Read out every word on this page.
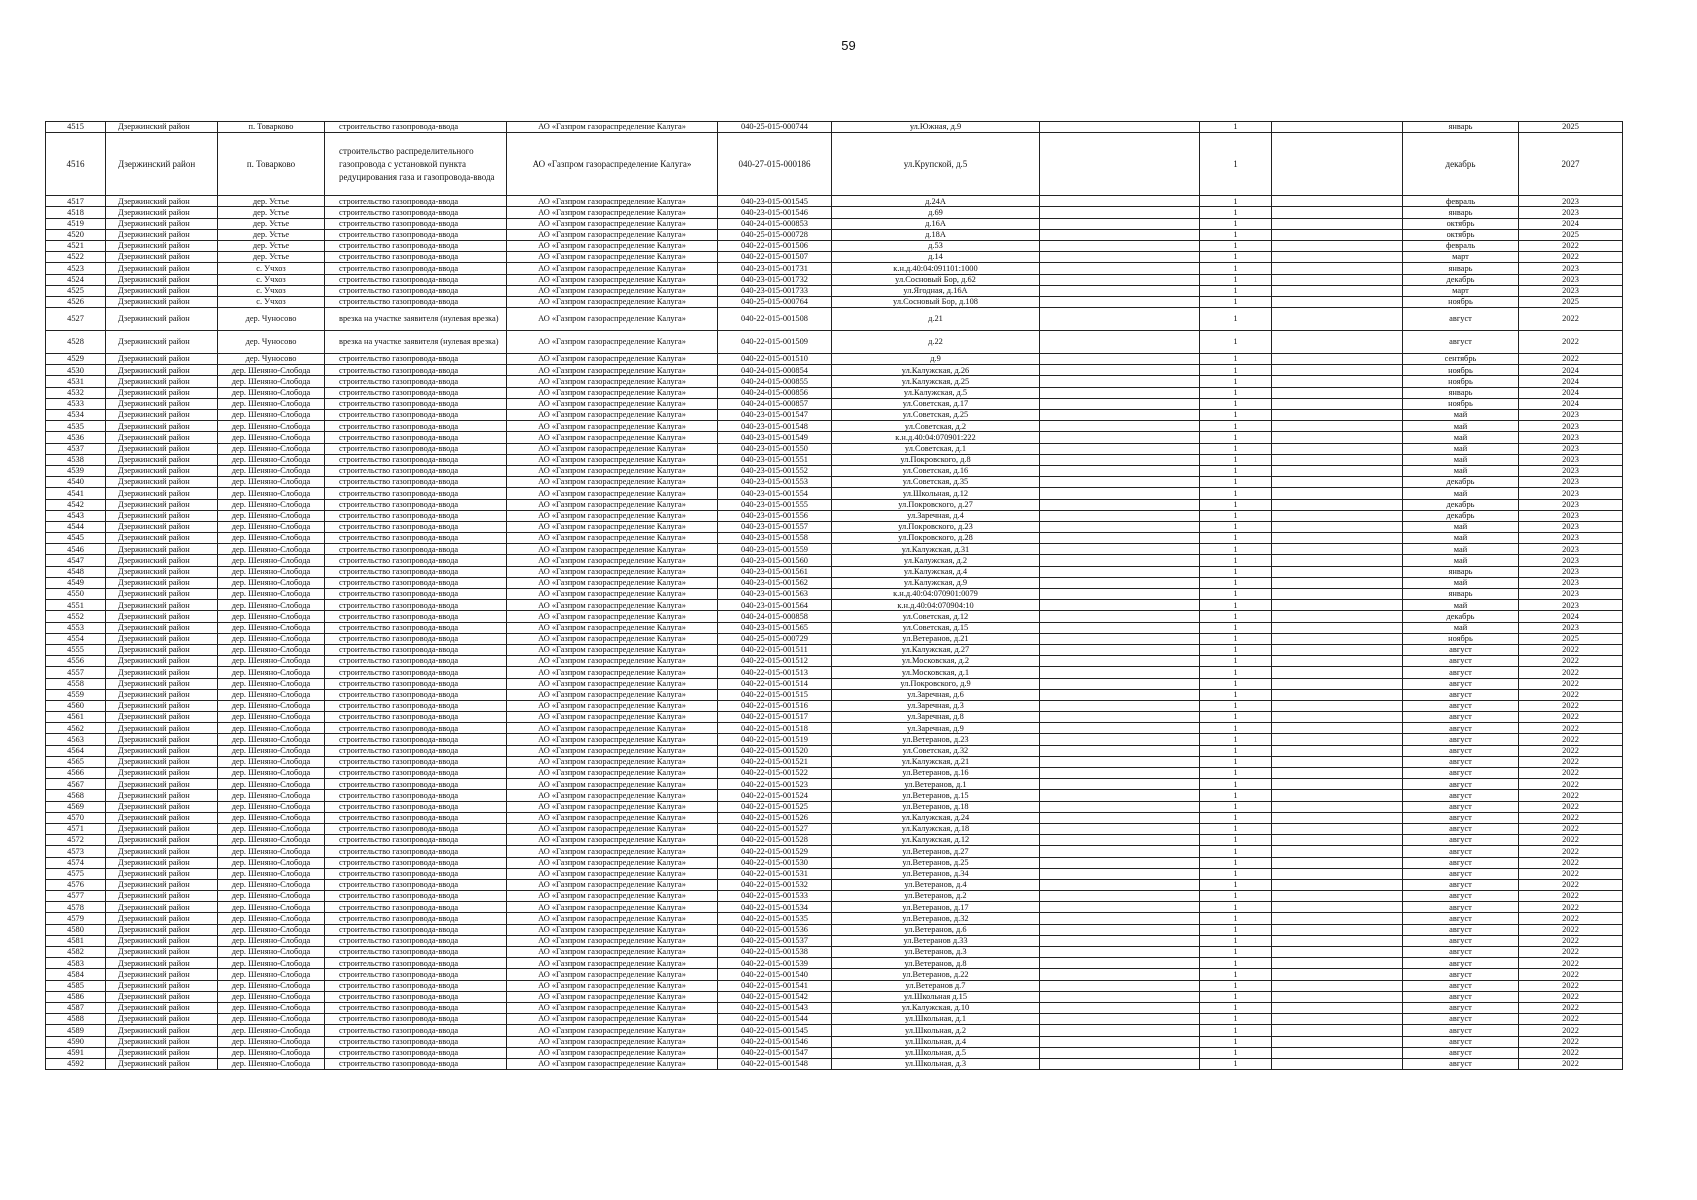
59
4515	Дзержинский район	п. Товарково	строительство газопровода-ввода	АО «Газпром газораспределение Калуга»	040-25-015-000744	ул.Южная, д.9		1		январь	2025
4516	Дзержинский район	п. Товарково	строительство распределительного газопровода с установкой пункта редуцирования газа и газопровода-ввода	АО «Газпром газораспределение Калуга»	040-27-015-000186	ул.Крупской, д.5		1		декабрь	2027
4517	Дзержинский район	дер. Устье	строительство газопровода-ввода	АО «Газпром газораспределение Калуга»	040-23-015-001545	д.24А		1		февраль	2023
4518	Дзержинский район	дер. Устье	строительство газопровода-ввода	АО «Газпром газораспределение Калуга»	040-23-015-001546	д.69		1		январь	2023
4519	Дзержинский район	дер. Устье	строительство газопровода-ввода	АО «Газпром газораспределение Калуга»	040-24-015-000853	д.16А		1		октябрь	2024
4520	Дзержинский район	дер. Устье	строительство газопровода-ввода	АО «Газпром газораспределение Калуга»	040-25-015-000728	д.18А		1		октябрь	2025
4521	Дзержинский район	дер. Устье	строительство газопровода-ввода	АО «Газпром газораспределение Калуга»	040-22-015-001506	д.53		1		февраль	2022
4522	Дзержинский район	дер. Устье	строительство газопровода-ввода	АО «Газпром газораспределение Калуга»	040-22-015-001507	д.14		1		март	2022
4523	Дзержинский район	с. Учхоз	строительство газопровода-ввода	АО «Газпром газораспределение Калуга»	040-23-015-001731	к.н.д.40:04:091101:1000		1		январь	2023
4524	Дзержинский район	с. Учхоз	строительство газопровода-ввода	АО «Газпром газораспределение Калуга»	040-23-015-001732	ул.Сосновый Бор, д.62		1		декабрь	2023
4525	Дзержинский район	с. Учхоз	строительство газопровода-ввода	АО «Газпром газораспределение Калуга»	040-23-015-001733	ул.Ягодная, д.16А		1		март	2023
4526	Дзержинский район	с. Учхоз	строительство газопровода-ввода	АО «Газпром газораспределение Калуга»	040-25-015-000764	ул.Сосновый Бор, д.108		1		ноябрь	2025
4527	Дзержинский район	дер. Чуносово	врезка на участке заявителя (нулевая врезка)	АО «Газпром газораспределение Калуга»	040-22-015-001508	д.21		1		август	2022
4528	Дзержинский район	дер. Чуносово	врезка на участке заявителя (нулевая врезка)	АО «Газпром газораспределение Калуга»	040-22-015-001509	д.22		1		август	2022
4529	Дзержинский район	дер. Чуносово	строительство газопровода-ввода	АО «Газпром газораспределение Калуга»	040-22-015-001510	д.9		1		сентябрь	2022
4530	Дзержинский район	дер. Шеняно-Слобода	строительство газопровода-ввода	АО «Газпром газораспределение Калуга»	040-24-015-000854	ул.Калужская, д.26		1		ноябрь	2024
4531	Дзержинский район	дер. Шеняно-Слобода	строительство газопровода-ввода	АО «Газпром газораспределение Калуга»	040-24-015-000855	ул.Калужская, д.25		1		ноябрь	2024
4532	Дзержинский район	дер. Шеняно-Слобода	строительство газопровода-ввода	АО «Газпром газораспределение Калуга»	040-24-015-000856	ул.Калужская, д.5		1		январь	2024
4533	Дзержинский район	дер. Шеняно-Слобода	строительство газопровода-ввода	АО «Газпром газораспределение Калуга»	040-24-015-000857	ул.Советская, д.17		1		ноябрь	2024
4534	Дзержинский район	дер. Шеняно-Слобода	строительство газопровода-ввода	АО «Газпром газораспределение Калуга»	040-23-015-001547	ул.Советская, д.25		1		май	2023
4535	Дзержинский район	дер. Шеняно-Слобода	строительство газопровода-ввода	АО «Газпром газораспределение Калуга»	040-23-015-001548	ул.Советская, д.2		1		май	2023
4536	Дзержинский район	дер. Шеняно-Слобода	строительство газопровода-ввода	АО «Газпром газораспределение Калуга»	040-23-015-001549	к.н.д.40:04:070901:222		1		май	2023
4537	Дзержинский район	дер. Шеняно-Слобода	строительство газопровода-ввода	АО «Газпром газораспределение Калуга»	040-23-015-001550	ул.Советская, д.1		1		май	2023
4538	Дзержинский район	дер. Шеняно-Слобода	строительство газопровода-ввода	АО «Газпром газораспределение Калуга»	040-23-015-001551	ул.Покровского, д.8		1		май	2023
4539	Дзержинский район	дер. Шеняно-Слобода	строительство газопровода-ввода	АО «Газпром газораспределение Калуга»	040-23-015-001552	ул.Советская, д.16		1		май	2023
4540	Дзержинский район	дер. Шеняно-Слобода	строительство газопровода-ввода	АО «Газпром газораспределение Калуга»	040-23-015-001553	ул.Советская, д.35		1		декабрь	2023
4541	Дзержинский район	дер. Шеняно-Слобода	строительство газопровода-ввода	АО «Газпром газораспределение Калуга»	040-23-015-001554	ул.Школьная, д.12		1		май	2023
4542	Дзержинский район	дер. Шеняно-Слобода	строительство газопровода-ввода	АО «Газпром газораспределение Калуга»	040-23-015-001555	ул.Покровского, д.27		1		декабрь	2023
4543	Дзержинский район	дер. Шеняно-Слобода	строительство газопровода-ввода	АО «Газпром газораспределение Калуга»	040-23-015-001556	ул.Заречная, д.4		1		декабрь	2023
4544	Дзержинский район	дер. Шеняно-Слобода	строительство газопровода-ввода	АО «Газпром газораспределение Калуга»	040-23-015-001557	ул.Покровского, д.23		1		май	2023
4545	Дзержинский район	дер. Шеняно-Слобода	строительство газопровода-ввода	АО «Газпром газораспределение Калуга»	040-23-015-001558	ул.Покровского, д.28		1		май	2023
4546	Дзержинский район	дер. Шеняно-Слобода	строительство газопровода-ввода	АО «Газпром газораспределение Калуга»	040-23-015-001559	ул.Калужская, д.31		1		май	2023
4547	Дзержинский район	дер. Шеняно-Слобода	строительство газопровода-ввода	АО «Газпром газораспределение Калуга»	040-23-015-001560	ул.Калужская, д.2		1		май	2023
4548	Дзержинский район	дер. Шеняно-Слобода	строительство газопровода-ввода	АО «Газпром газораспределение Калуга»	040-23-015-001561	ул.Калужская, д.4		1		январь	2023
4549	Дзержинский район	дер. Шеняно-Слобода	строительство газопровода-ввода	АО «Газпром газораспределение Калуга»	040-23-015-001562	ул.Калужская, д.9		1		май	2023
4550	Дзержинский район	дер. Шеняно-Слобода	строительство газопровода-ввода	АО «Газпром газораспределение Калуга»	040-23-015-001563	к.н.д.40:04:070901:0079		1		январь	2023
4551	Дзержинский район	дер. Шеняно-Слобода	строительство газопровода-ввода	АО «Газпром газораспределение Калуга»	040-23-015-001564	к.н.д.40:04:070904:10		1		май	2023
4552	Дзержинский район	дер. Шеняно-Слобода	строительство газопровода-ввода	АО «Газпром газораспределение Калуга»	040-24-015-000858	ул.Советская, д.12		1		декабрь	2024
4553	Дзержинский район	дер. Шеняно-Слобода	строительство газопровода-ввода	АО «Газпром газораспределение Калуга»	040-23-015-001565	ул.Советская, д.15		1		май	2023
4554	Дзержинский район	дер. Шеняно-Слобода	строительство газопровода-ввода	АО «Газпром газораспределение Калуга»	040-25-015-000729	ул.Ветеранов, д.21		1		ноябрь	2025
4555	Дзержинский район	дер. Шеняно-Слобода	строительство газопровода-ввода	АО «Газпром газораспределение Калуга»	040-22-015-001511	ул.Калужская, д.27		1		август	2022
4556	Дзержинский район	дер. Шеняно-Слобода	строительство газопровода-ввода	АО «Газпром газораспределение Калуга»	040-22-015-001512	ул.Московская, д.2		1		август	2022
4557	Дзержинский район	дер. Шеняно-Слобода	строительство газопровода-ввода	АО «Газпром газораспределение Калуга»	040-22-015-001513	ул.Московская, д.1		1		август	2022
4558	Дзержинский район	дер. Шеняно-Слобода	строительство газопровода-ввода	АО «Газпром газораспределение Калуга»	040-22-015-001514	ул.Покровского, д.9		1		август	2022
4559	Дзержинский район	дер. Шеняно-Слобода	строительство газопровода-ввода	АО «Газпром газораспределение Калуга»	040-22-015-001515	ул.Заречная, д.6		1		август	2022
4560	Дзержинский район	дер. Шеняно-Слобода	строительство газопровода-ввода	АО «Газпром газораспределение Калуга»	040-22-015-001516	ул.Заречная, д.3		1		август	2022
4561	Дзержинский район	дер. Шеняно-Слобода	строительство газопровода-ввода	АО «Газпром газораспределение Калуга»	040-22-015-001517	ул.Заречная, д.8		1		август	2022
4562	Дзержинский район	дер. Шеняно-Слобода	строительство газопровода-ввода	АО «Газпром газораспределение Калуга»	040-22-015-001518	ул.Заречная, д.9		1		август	2022
4563	Дзержинский район	дер. Шеняно-Слобода	строительство газопровода-ввода	АО «Газпром газораспределение Калуга»	040-22-015-001519	ул.Ветеранов, д.23		1		август	2022
4564	Дзержинский район	дер. Шеняно-Слобода	строительство газопровода-ввода	АО «Газпром газораспределение Калуга»	040-22-015-001520	ул.Советская, д.32		1		август	2022
4565	Дзержинский район	дер. Шеняно-Слобода	строительство газопровода-ввода	АО «Газпром газораспределение Калуга»	040-22-015-001521	ул.Калужская, д.21		1		август	2022
4566	Дзержинский район	дер. Шеняно-Слобода	строительство газопровода-ввода	АО «Газпром газораспределение Калуга»	040-22-015-001522	ул.Ветеранов, д.16		1		август	2022
4567	Дзержинский район	дер. Шеняно-Слобода	строительство газопровода-ввода	АО «Газпром газораспределение Калуга»	040-22-015-001523	ул.Ветеранов, д.1		1		август	2022
4568	Дзержинский район	дер. Шеняно-Слобода	строительство газопровода-ввода	АО «Газпром газораспределение Калуга»	040-22-015-001524	ул.Ветеранов, д.15		1		август	2022
4569	Дзержинский район	дер. Шеняно-Слобода	строительство газопровода-ввода	АО «Газпром газораспределение Калуга»	040-22-015-001525	ул.Ветеранов, д.18		1		август	2022
4570	Дзержинский район	дер. Шеняно-Слобода	строительство газопровода-ввода	АО «Газпром газораспределение Калуга»	040-22-015-001526	ул.Калужская, д.24		1		август	2022
4571	Дзержинский район	дер. Шеняно-Слобода	строительство газопровода-ввода	АО «Газпром газораспределение Калуга»	040-22-015-001527	ул.Калужская, д.18		1		август	2022
4572	Дзержинский район	дер. Шеняно-Слобода	строительство газопровода-ввода	АО «Газпром газораспределение Калуга»	040-22-015-001528	ул.Калужская, д.12		1		август	2022
4573	Дзержинский район	дер. Шеняно-Слобода	строительство газопровода-ввода	АО «Газпром газораспределение Калуга»	040-22-015-001529	ул.Ветеранов, д.27		1		август	2022
4574	Дзержинский район	дер. Шеняно-Слобода	строительство газопровода-ввода	АО «Газпром газораспределение Калуга»	040-22-015-001530	ул.Ветеранов, д.25		1		август	2022
4575	Дзержинский район	дер. Шеняно-Слобода	строительство газопровода-ввода	АО «Газпром газораспределение Калуга»	040-22-015-001531	ул.Ветеранов, д.34		1		август	2022
4576	Дзержинский район	дер. Шеняно-Слобода	строительство газопровода-ввода	АО «Газпром газораспределение Калуга»	040-22-015-001532	ул.Ветеранов, д.4		1		август	2022
4577	Дзержинский район	дер. Шеняно-Слобода	строительство газопровода-ввода	АО «Газпром газораспределение Калуга»	040-22-015-001533	ул.Ветеранов, д.2		1		август	2022
4578	Дзержинский район	дер. Шеняно-Слобода	строительство газопровода-ввода	АО «Газпром газораспределение Калуга»	040-22-015-001534	ул.Ветеранов, д.17		1		август	2022
4579	Дзержинский район	дер. Шеняно-Слобода	строительство газопровода-ввода	АО «Газпром газораспределение Калуга»	040-22-015-001535	ул.Ветеранов, д.32		1		август	2022
4580	Дзержинский район	дер. Шеняно-Слобода	строительство газопровода-ввода	АО «Газпром газораспределение Калуга»	040-22-015-001536	ул.Ветеранов, д.6		1		август	2022
4581	Дзержинский район	дер. Шеняно-Слобода	строительство газопровода-ввода	АО «Газпром газораспределение Калуга»	040-22-015-001537	ул.Ветеранов д.33		1		август	2022
4582	Дзержинский район	дер. Шеняно-Слобода	строительство газопровода-ввода	АО «Газпром газораспределение Калуга»	040-22-015-001538	ул.Ветеранов, д.3		1		август	2022
4583	Дзержинский район	дер. Шеняно-Слобода	строительство газопровода-ввода	АО «Газпром газораспределение Калуга»	040-22-015-001539	ул.Ветеранов, д.8		1		август	2022
4584	Дзержинский район	дер. Шеняно-Слобода	строительство газопровода-ввода	АО «Газпром газораспределение Калуга»	040-22-015-001540	ул.Ветеранов, д.22		1		август	2022
4585	Дзержинский район	дер. Шеняно-Слобода	строительство газопровода-ввода	АО «Газпром газораспределение Калуга»	040-22-015-001541	ул.Ветеранов д.7		1		август	2022
4586	Дзержинский район	дер. Шеняно-Слобода	строительство газопровода-ввода	АО «Газпром газораспределение Калуга»	040-22-015-001542	ул.Школьная д.15		1		август	2022
4587	Дзержинский район	дер. Шеняно-Слобода	строительство газопровода-ввода	АО «Газпром газораспределение Калуга»	040-22-015-001543	ул.Калужская, д.10		1		август	2022
4588	Дзержинский район	дер. Шеняно-Слобода	строительство газопровода-ввода	АО «Газпром газораспределение Калуга»	040-22-015-001544	ул.Школьная, д.1		1		август	2022
4589	Дзержинский район	дер. Шеняно-Слобода	строительство газопровода-ввода	АО «Газпром газораспределение Калуга»	040-22-015-001545	ул.Школьная, д.2		1		август	2022
4590	Дзержинский район	дер. Шеняно-Слобода	строительство газопровода-ввода	АО «Газпром газораспределение Калуга»	040-22-015-001546	ул.Школьная, д.4		1		август	2022
4591	Дзержинский район	дер. Шеняно-Слобода	строительство газопровода-ввода	АО «Газпром газораспределение Калуга»	040-22-015-001547	ул.Школьная, д.5		1		август	2022
4592	Дзержинский район	дер. Шеняно-Слобода	строительство газопровода-ввода	АО «Газпром газораспределение Калуга»	040-22-015-001548	ул.Школьная, д.3		1		август	2022
